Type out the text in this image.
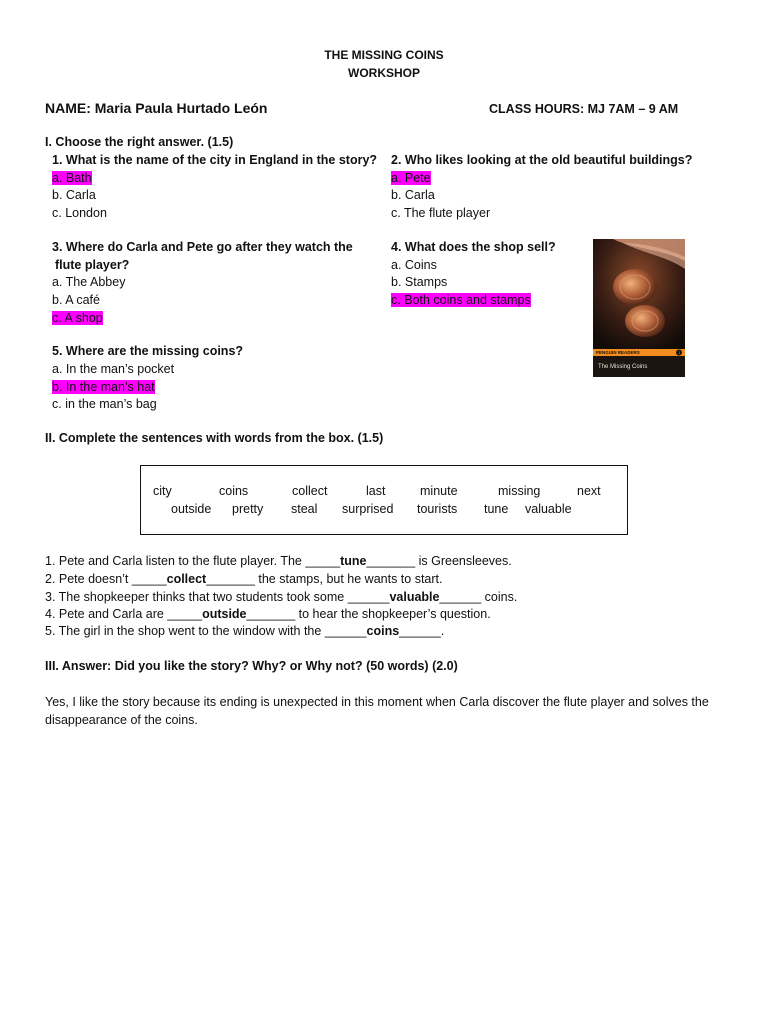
THE MISSING COINS
WORKSHOP
NAME: Maria Paula Hurtado León	CLASS HOURS: MJ 7AM – 9 AM
I. Choose the right answer. (1.5)
1. What is the name of the city in England in the story?
a. Bath
b. Carla
c. London
2. Who likes looking at the old beautiful buildings?
a. Pete
b. Carla
c. The flute player
3. Where do Carla and Pete go after they watch the
flute player?
a. The Abbey
b. A café
c. A shop
4. What does the shop sell?
a. Coins
b. Stamps
c. Both coins and stamps
PENGUIN READERS	1
The Missing Coins
5. Where are the missing coins?
a. In the man’s pocket
b. In the man’s hat
c. in the man’s bag
II. Complete the sentences with words from the box. (1.5)
city	coins	collect	last	minute	missing	next
outside pretty steal surprised tourists tune valuable
1. Pete and Carla listen to the flute player. The _____tune_______ is Greensleeves.
2. Pete doesn’t _____collect_______ the stamps, but he wants to start.
3. The shopkeeper thinks that two students took some ______valuable______ coins.
4. Pete and Carla are _____outside_______ to hear the shopkeeper’s question.
5. The girl in the shop went to the window with the ______coins______.
III. Answer: Did you like the story? Why? or Why not? (50 words) (2.0)
Yes, I like the story because its ending is unexpected in this moment when Carla discover the flute player and solves the disappearance of the coins.
